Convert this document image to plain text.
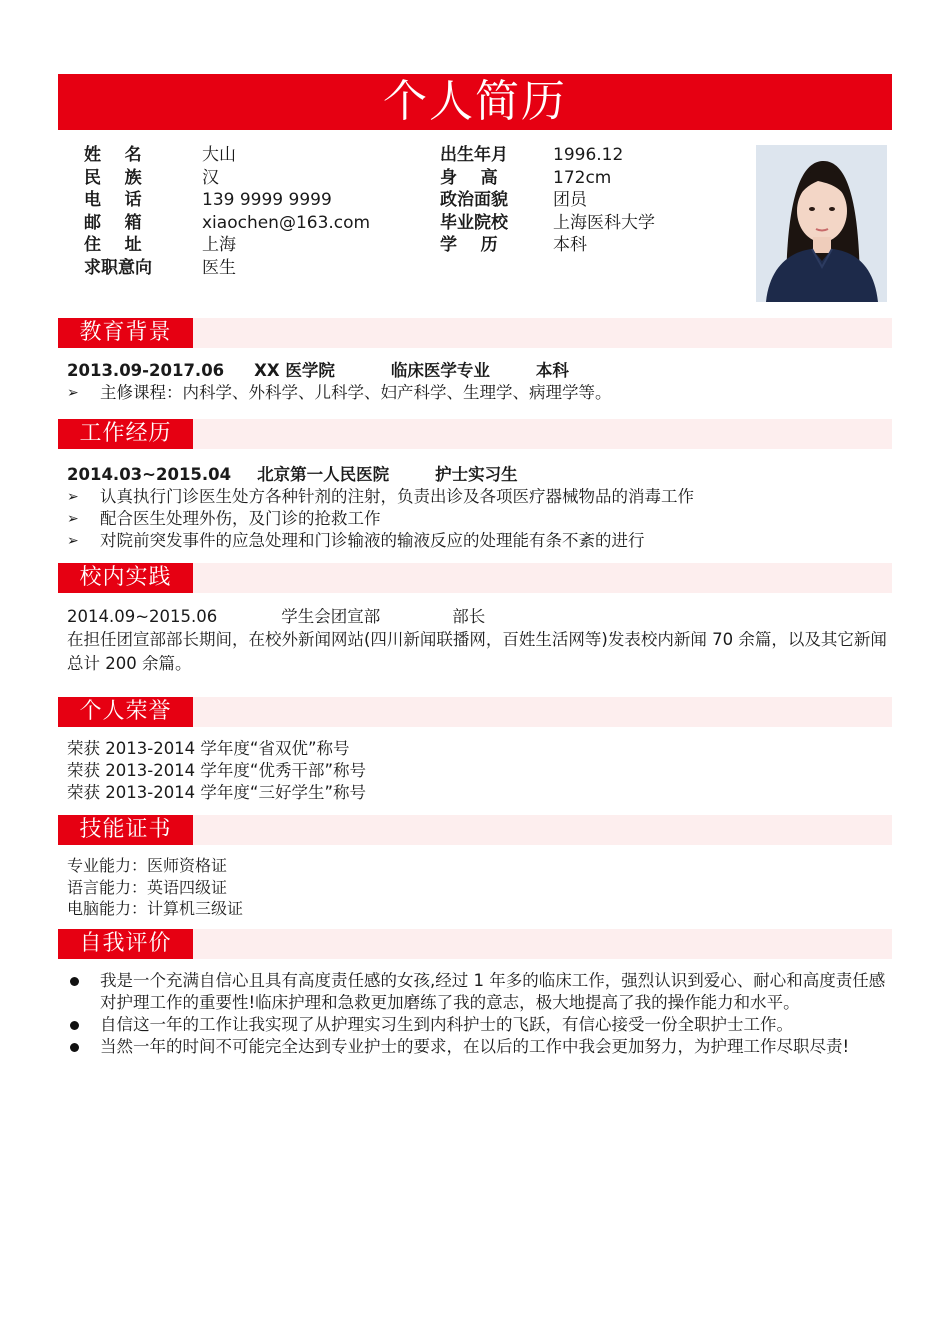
个人简历
姓    名	大山
民    族	汉
电    话	139 9999 9999
邮    箱	xiaochen@163.com
住    址	上海
求职意向	医生
出生年月	1996.12
身    高	172cm
政治面貌	团员
毕业院校	上海医科大学
学    历	本科
教育背景
2013.09-2017.06 XX 医学院	临床医学专业	本科
➢	主修课程：内科学、外科学、儿科学、妇产科学、生理学、病理学等。
工作经历
2014.03~2015.04 北京第一人民医院	护士实习生
➢	认真执行门诊医生处方各种针剂的注射，负责出诊及各项医疗器械物品的消毒工作
➢	配合医生处理外伤，及门诊的抢救工作
➢	对院前突发事件的应急处理和门诊输液的输液反应的处理能有条不紊的进行
校内实践
2014.09~2015.06	学生会团宣部	部长
在担任团宣部部长期间，在校外新闻网站(四川新闻联播网，百姓生活网等)发表校内新闻 70 余篇，以及其它新闻总计 200 余篇。
个人荣誉
荣获 2013-2014 学年度“省双优”称号
荣获 2013-2014 学年度“优秀干部”称号
荣获 2013-2014 学年度“三好学生”称号
技能证书
专业能力：医师资格证
语言能力：英语四级证
电脑能力：计算机三级证
自我评价
我是一个充满自信心且具有高度责任感的女孩,经过 1 年多的临床工作，强烈认识到爱心、耐心和高度责任感对护理工作的重要性!临床护理和急救更加磨练了我的意志，极大地提高了我的操作能力和水平。
自信这一年的工作让我实现了从护理实习生到内科护士的飞跃，有信心接受一份全职护士工作。
当然一年的时间不可能完全达到专业护士的要求，在以后的工作中我会更加努力，为护理工作尽职尽责!
